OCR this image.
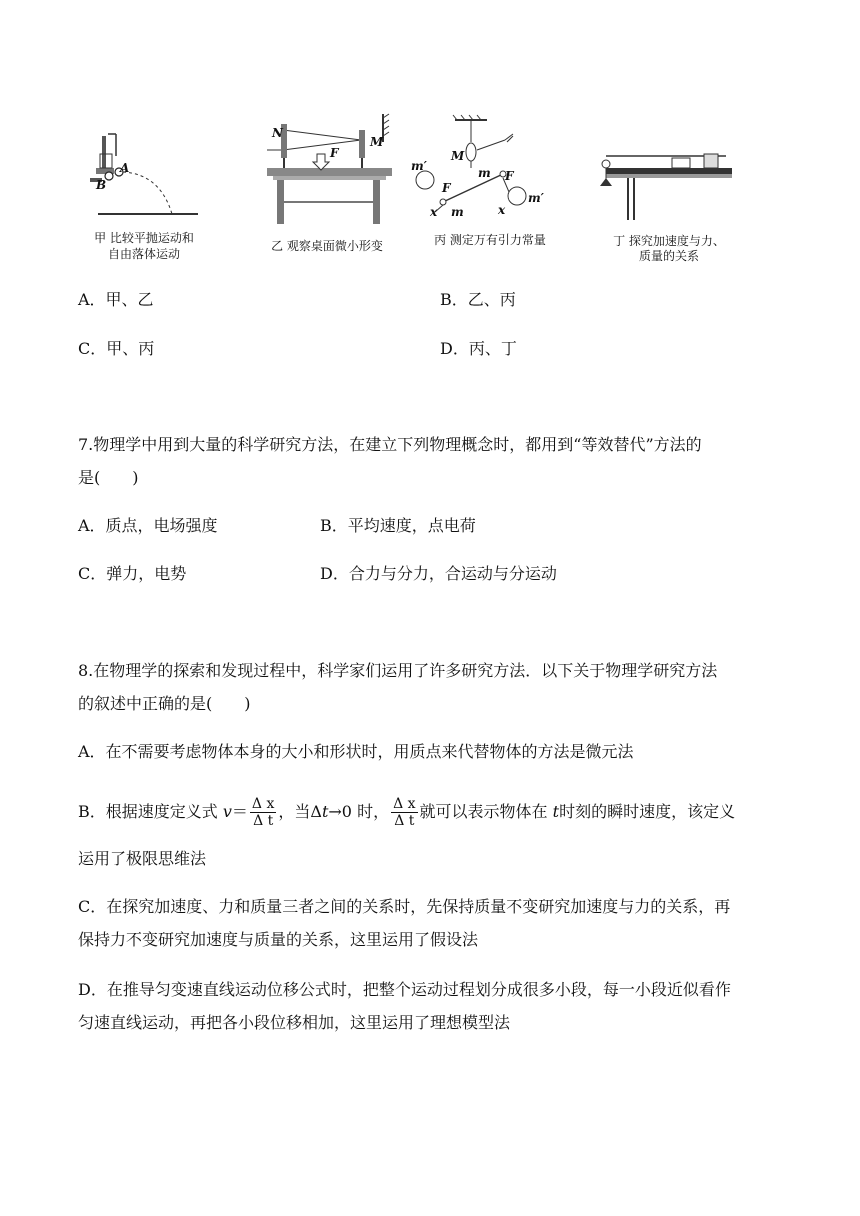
A
B
甲 比较平抛运动和
自由落体运动
N
F
M
乙 观察桌面微小形变
M
m′
F
m
x
m F
m′
x
丙 测定万有引力常量	丁 探究加速度与力、
质量的关系
A．甲、乙	B．乙、丙
C．甲、丙	D．丙、丁
7.物理学中用到大量的科学研究方法，在建立下列物理概念时，都用到“等效替代”方法的
是(　　)
A．质点，电场强度	B．平均速度，点电荷
C．弹力，电势	D．合力与分力，合运动与分运动
8.在物理学的探索和发现过程中，科学家们运用了许多研究方法．以下关于物理学研究方法
的叙述中正确的是(　　)
A．在不需要考虑物体本身的大小和形状时，用质点来代替物体的方法是微元法
B．根据速度定义式 $v= \frac{\text{Δ x}}{\text{Δ t}}$ ，当Δt→0 时， $\frac{\text{Δ x}}{\text{Δ t}}$ 就可以表示物体在 t时刻的瞬时速度，该定义
运用了极限思维法
C．在探究加速度、力和质量三者之间的关系时，先保持质量不变研究加速度与力的关系，再
保持力不变研究加速度与质量的关系，这里运用了假设法
D．在推导匀变速直线运动位移公式时，把整个运动过程划分成很多小段，每一小段近似看作
匀速直线运动，再把各小段位移相加，这里运用了理想模型法
